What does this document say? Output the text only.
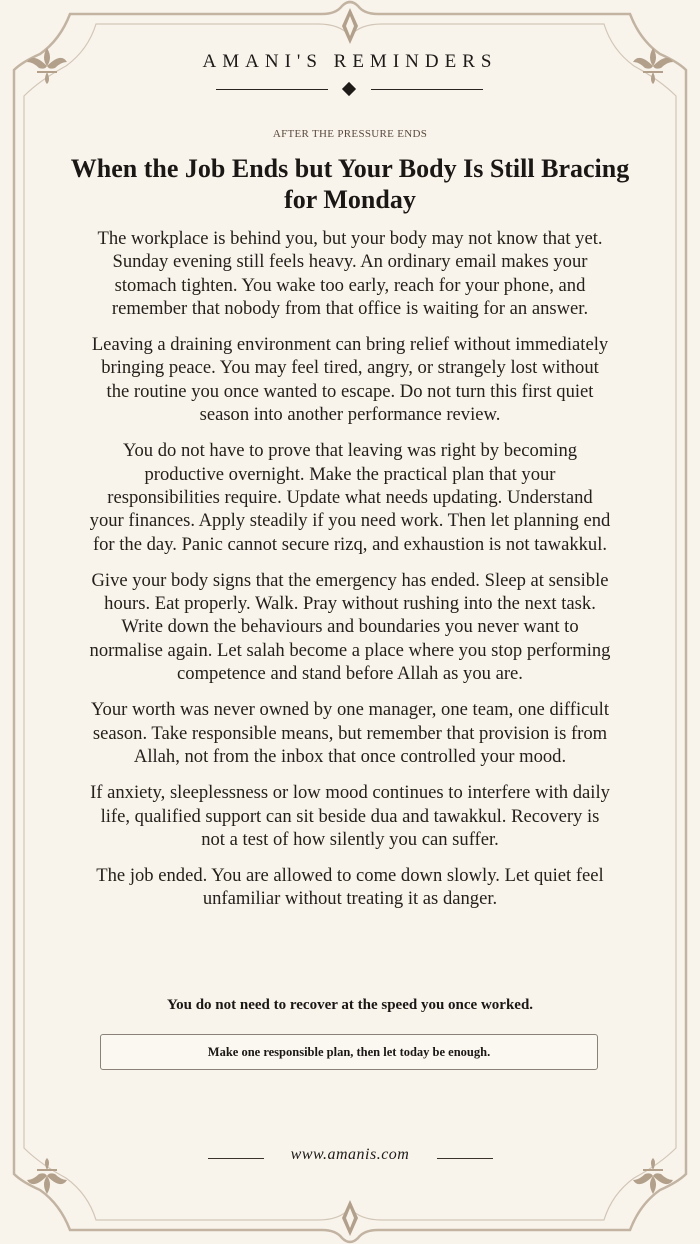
AMANI'S REMINDERS
AFTER THE PRESSURE ENDS
When the Job Ends but Your Body Is Still Bracing for Monday

The workplace is behind you, but your body may not know that yet. Sunday evening still feels heavy. An ordinary email makes your stomach tighten. You wake too early, reach for your phone, and remember that nobody from that office is waiting for an answer.

Leaving a draining environment can bring relief without immediately bringing peace. You may feel tired, angry, or strangely lost without the routine you once wanted to escape. Do not turn this first quiet season into another performance review.

You do not have to prove that leaving was right by becoming productive overnight. Make the practical plan that your responsibilities require. Update what needs updating. Understand your finances. Apply steadily if you need work. Then let planning end for the day. Panic cannot secure rizq, and exhaustion is not tawakkul.

Give your body signs that the emergency has ended. Sleep at sensible hours. Eat properly. Walk. Pray without rushing into the next task. Write down the behaviours and boundaries you never want to normalise again. Let salah become a place where you stop performing competence and stand before Allah as you are.

Your worth was never owned by one manager, one team, one difficult season. Take responsible means, but remember that provision is from Allah, not from the inbox that once controlled your mood.

If anxiety, sleeplessness or low mood continues to interfere with daily life, qualified support can sit beside dua and tawakkul. Recovery is not a test of how silently you can suffer.

The job ended. You are allowed to come down slowly. Let quiet feel unfamiliar without treating it as danger.

You do not need to recover at the speed you once worked.
Make one responsible plan, then let today be enough.
www.amanis.com
